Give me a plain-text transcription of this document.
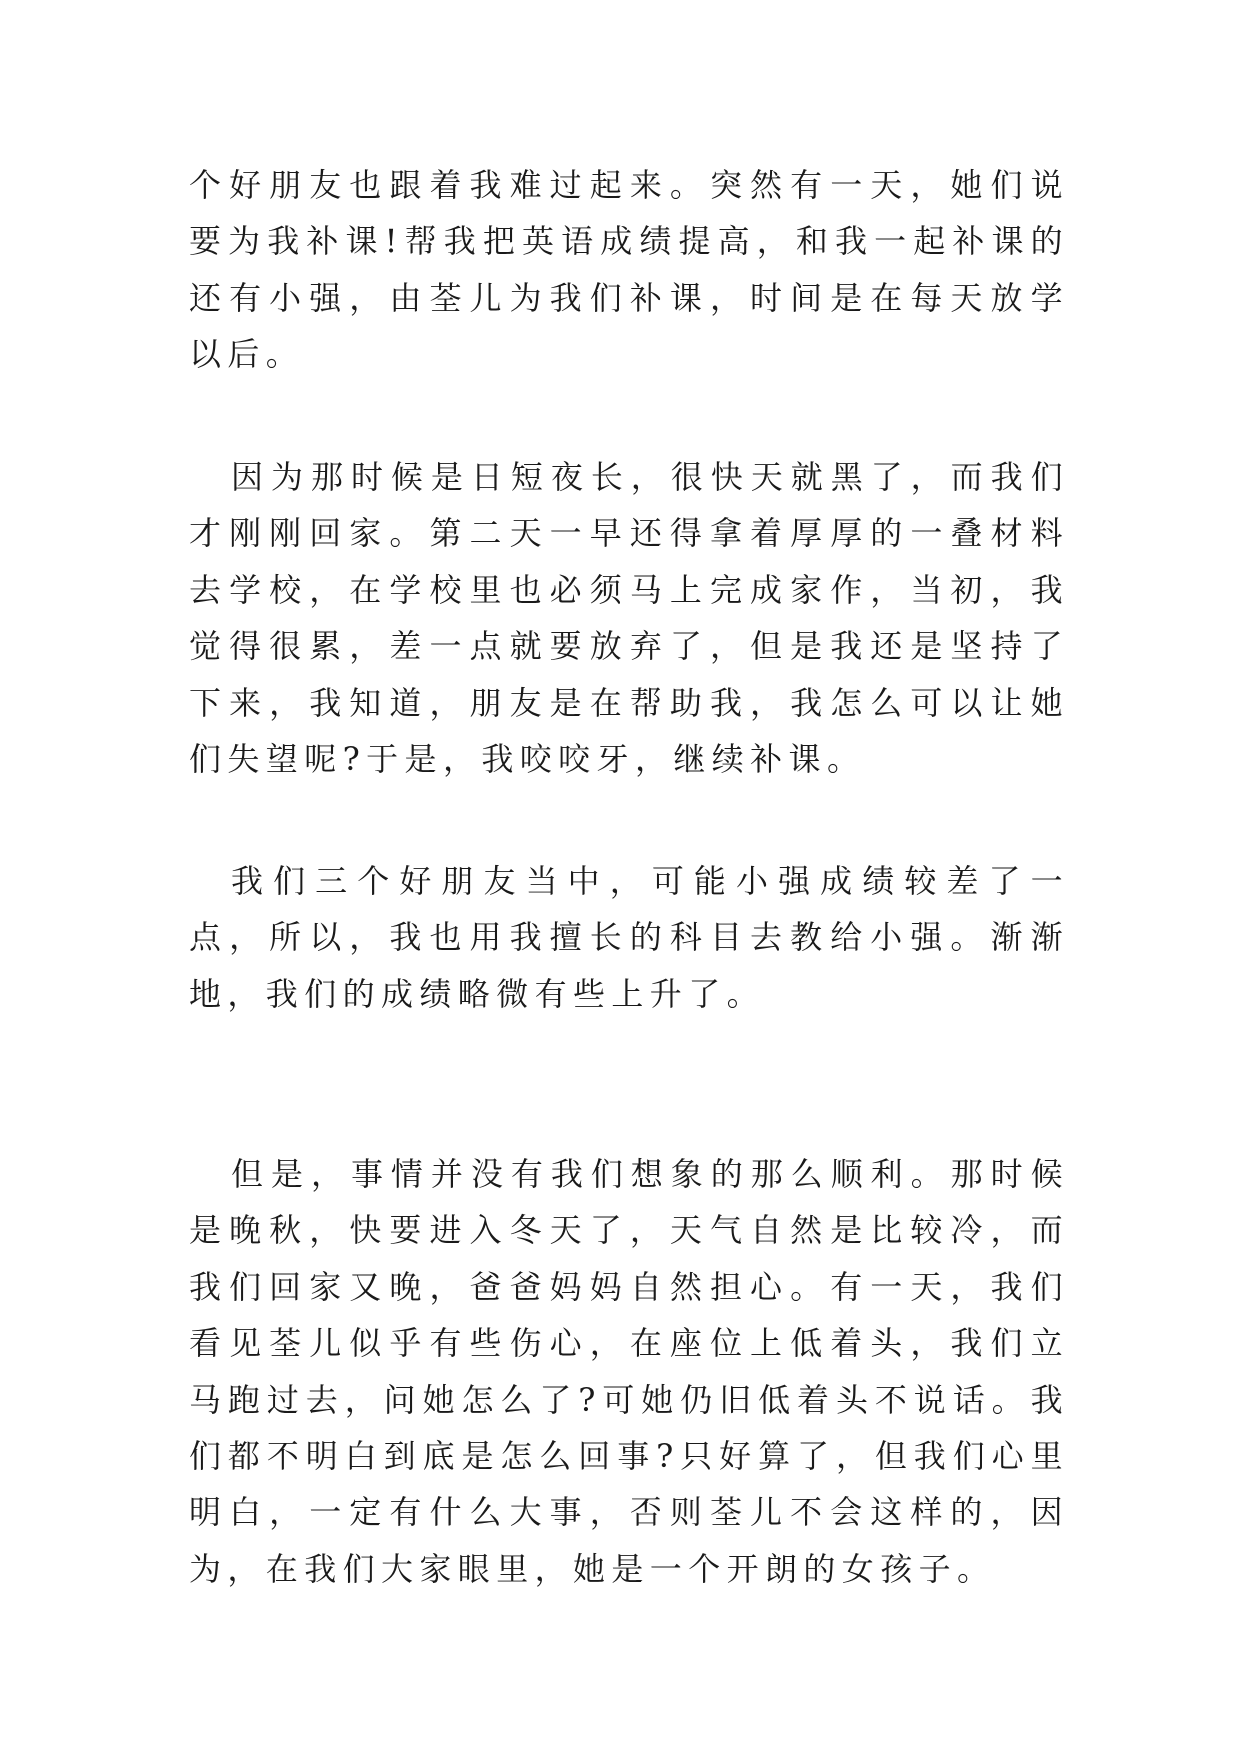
个好朋友也跟着我难过起来。突然有一天，她们说要为我补课!帮我把英语成绩提高，和我一起补课的还有小强，由荃儿为我们补课，时间是在每天放学以后。

因为那时候是日短夜长，很快天就黑了，而我们才刚刚回家。第二天一早还得拿着厚厚的一叠材料去学校，在学校里也必须马上完成家作，当初，我觉得很累，差一点就要放弃了，但是我还是坚持了下来，我知道，朋友是在帮助我，我怎么可以让她们失望呢?于是，我咬咬牙，继续补课。

我们三个好朋友当中，可能小强成绩较差了一点，所以，我也用我擅长的科目去教给小强。渐渐地，我们的成绩略微有些上升了。

但是，事情并没有我们想象的那么顺利。那时候是晚秋，快要进入冬天了，天气自然是比较冷，而我们回家又晚，爸爸妈妈自然担心。有一天，我们看见荃儿似乎有些伤心，在座位上低着头，我们立马跑过去，问她怎么了?可她仍旧低着头不说话。我们都不明白到底是怎么回事?只好算了，但我们心里明白，一定有什么大事，否则荃儿不会这样的，因为，在我们大家眼里，她是一个开朗的女孩子。
